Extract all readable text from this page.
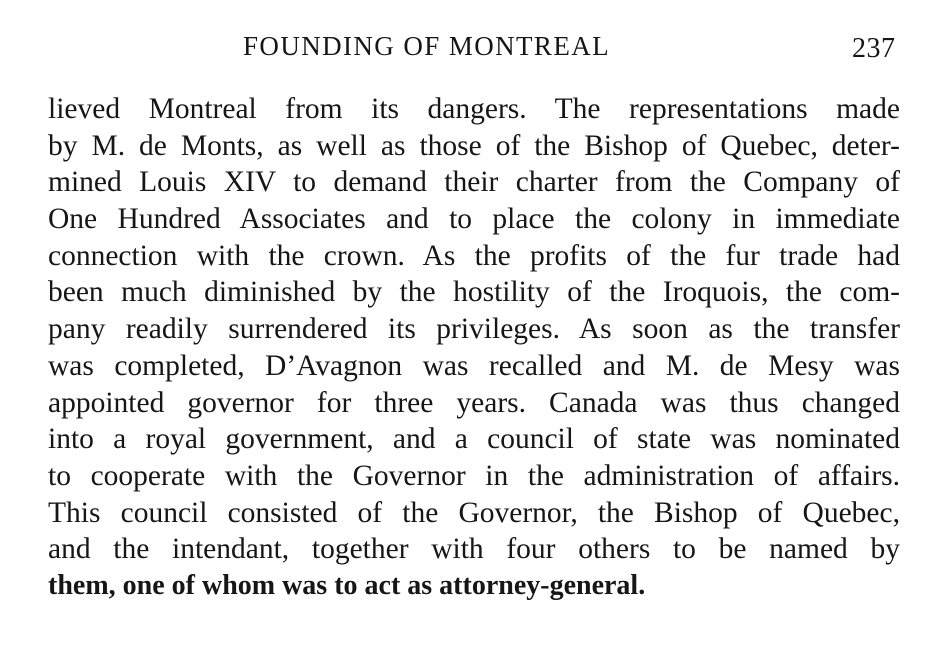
FOUNDING OF MONTREAL	237
lieved Montreal from its dangers. The representations made
by M. de Monts, as well as those of the Bishop of Quebec, deter-
mined Louis XIV to demand their charter from the Company of
One Hundred Associates and to place the colony in immediate
connection with the crown. As the profits of the fur trade had
been much diminished by the hostility of the Iroquois, the com-
pany readily surrendered its privileges. As soon as the transfer
was completed, D’Avagnon was recalled and M. de Mesy was
appointed governor for three years. Canada was thus changed
into a royal government, and a council of state was nominated
to cooperate with the Governor in the administration of affairs.
This council consisted of the Governor, the Bishop of Quebec,
and the intendant, together with four others to be named by
them, one of whom was to act as attorney-general.
